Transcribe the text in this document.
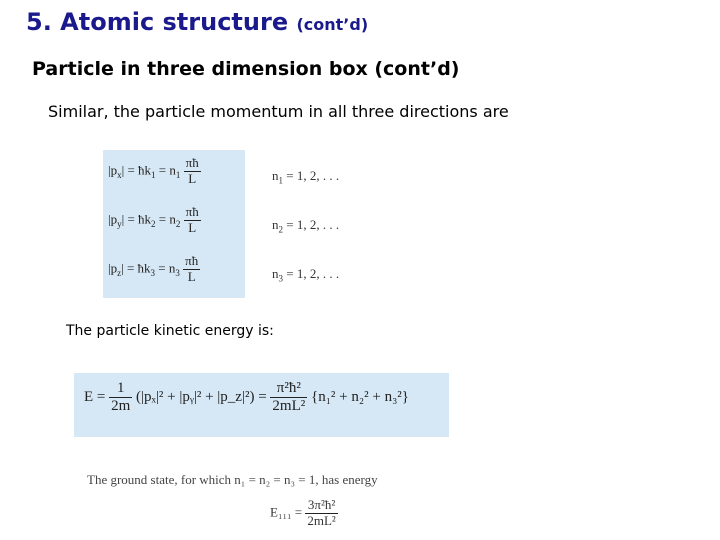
5. Atomic structure (cont’d)
Particle in three dimension box (cont’d)

Similar, the particle momentum in all three directions are

$|p_x|$ = $ħk_1 = n_1 \frac{\pi ħ}{L}$	$n_1 = 1$, 2, . . .
$|p_y|$ = $ħk_2 = n_2 \frac{\pi ħ}{L}$	$n_2 = 1$, 2, . . .
$|p_z|$ = $ħk_3 = n_3 \frac{\pi ħ}{L}$	$n_3 = 1$, 2, . . .

The particle kinetic energy is:

$E = \frac{1}{2m} (|p_x|^2$ + |pᵧ|² + |p_z|²) = $\frac{\text{π²ħ²}}{\text{2mL²}} \{n_1^2 + n_2^2 + n_3^2\}$
The ground state, for which n₁ = n₂ = n₃ = 1, has energy
$E_{111} = \frac{\text{3π²ħ²}}{\text{2mL²}}$
